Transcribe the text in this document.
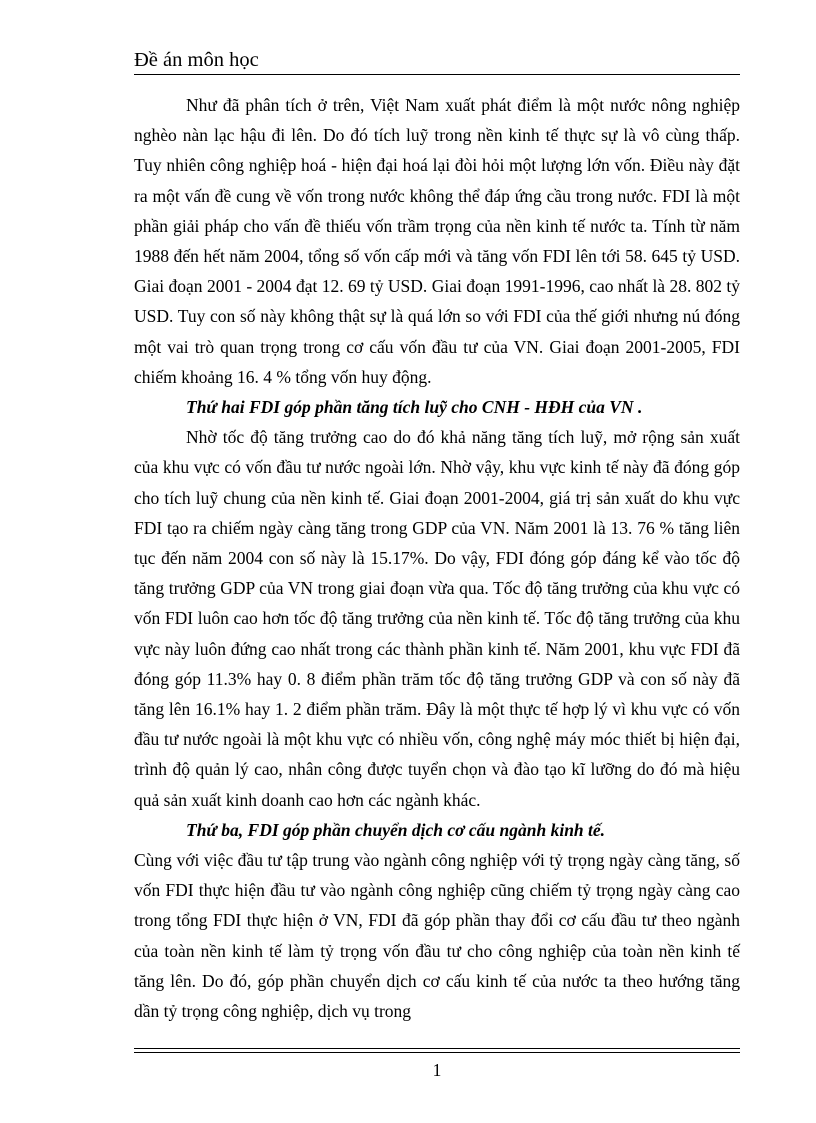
Đề án môn học

Như đã phân tích ở trên, Việt Nam xuất phát điểm là một nước nông nghiệp nghèo nàn lạc hậu đi lên. Do đó tích luỹ trong nền kinh tế thực sự là vô cùng thấp. Tuy nhiên công nghiệp hoá - hiện đại hoá lại đòi hỏi một lượng lớn vốn. Điều này đặt ra một vấn đề cung về vốn trong nước không thể đáp ứng cầu trong nước. FDI là một phần giải pháp cho vấn đề thiếu vốn trầm trọng của nền kinh tế nước ta. Tính từ năm 1988 đến hết năm 2004, tổng số vốn cấp mới và tăng vốn FDI lên tới 58. 645 tỷ USD. Giai đoạn 2001 - 2004 đạt 12. 69 tỷ USD. Giai đoạn 1991-1996, cao nhất là 28. 802 tỷ USD. Tuy con số này không thật sự là quá lớn so với FDI của thế giới nhưng nú đóng một vai trò quan trọng trong cơ cấu vốn đầu tư của VN. Giai đoạn 2001-2005, FDI chiếm khoảng 16. 4 % tổng vốn huy động.

Thứ hai FDI góp phần tăng tích luỹ cho CNH - HĐH của VN .

Nhờ tốc độ tăng trưởng cao do đó khả năng tăng tích luỹ, mở rộng sản xuất của khu vực có vốn đầu tư nước ngoài lớn. Nhờ vậy, khu vực kinh tế này đã đóng góp cho tích luỹ chung của nền kinh tế. Giai đoạn 2001-2004, giá trị sản xuất do khu vực FDI tạo ra chiếm ngày càng tăng trong GDP của VN. Năm 2001 là 13. 76 % tăng liên tục đến năm 2004 con số này là 15.17%. Do vậy, FDI đóng góp đáng kể vào tốc độ tăng trưởng GDP của VN trong giai đoạn vừa qua. Tốc độ tăng trưởng của khu vực có vốn FDI luôn cao hơn tốc độ tăng trưởng của nền kinh tế. Tốc độ tăng trưởng của khu vực này luôn đứng cao nhất trong các thành phần kinh tế. Năm 2001, khu vực FDI đã đóng góp 11.3% hay 0. 8 điểm phần trăm tốc độ tăng trưởng GDP và con số này đã tăng lên 16.1% hay 1. 2 điểm phần trăm. Đây là một thực tế hợp lý vì khu vực có vốn đầu tư nước ngoài là một khu vực có nhiều vốn, công nghệ máy móc thiết bị hiện đại, trình độ quản lý cao, nhân công được tuyển chọn và đào tạo kĩ lưỡng do đó mà hiệu quả sản xuất kinh doanh cao hơn các ngành khác.

Thứ ba, FDI góp phần chuyển dịch cơ cấu ngành kinh tế.

Cùng với việc đầu tư tập trung vào ngành công nghiệp với tỷ trọng ngày càng tăng, số vốn FDI thực hiện đầu tư vào ngành công nghiệp cũng chiếm tỷ trọng ngày càng cao trong tổng FDI thực hiện ở VN, FDI đã góp phần thay đổi cơ cấu đầu tư theo ngành của toàn nền kinh tế làm tỷ trọng vốn đầu tư cho công nghiệp của toàn nền kinh tế tăng lên. Do đó, góp phần chuyển dịch cơ cấu kinh tế của nước ta theo hướng tăng dần tỷ trọng công nghiệp, dịch vụ trong

1
